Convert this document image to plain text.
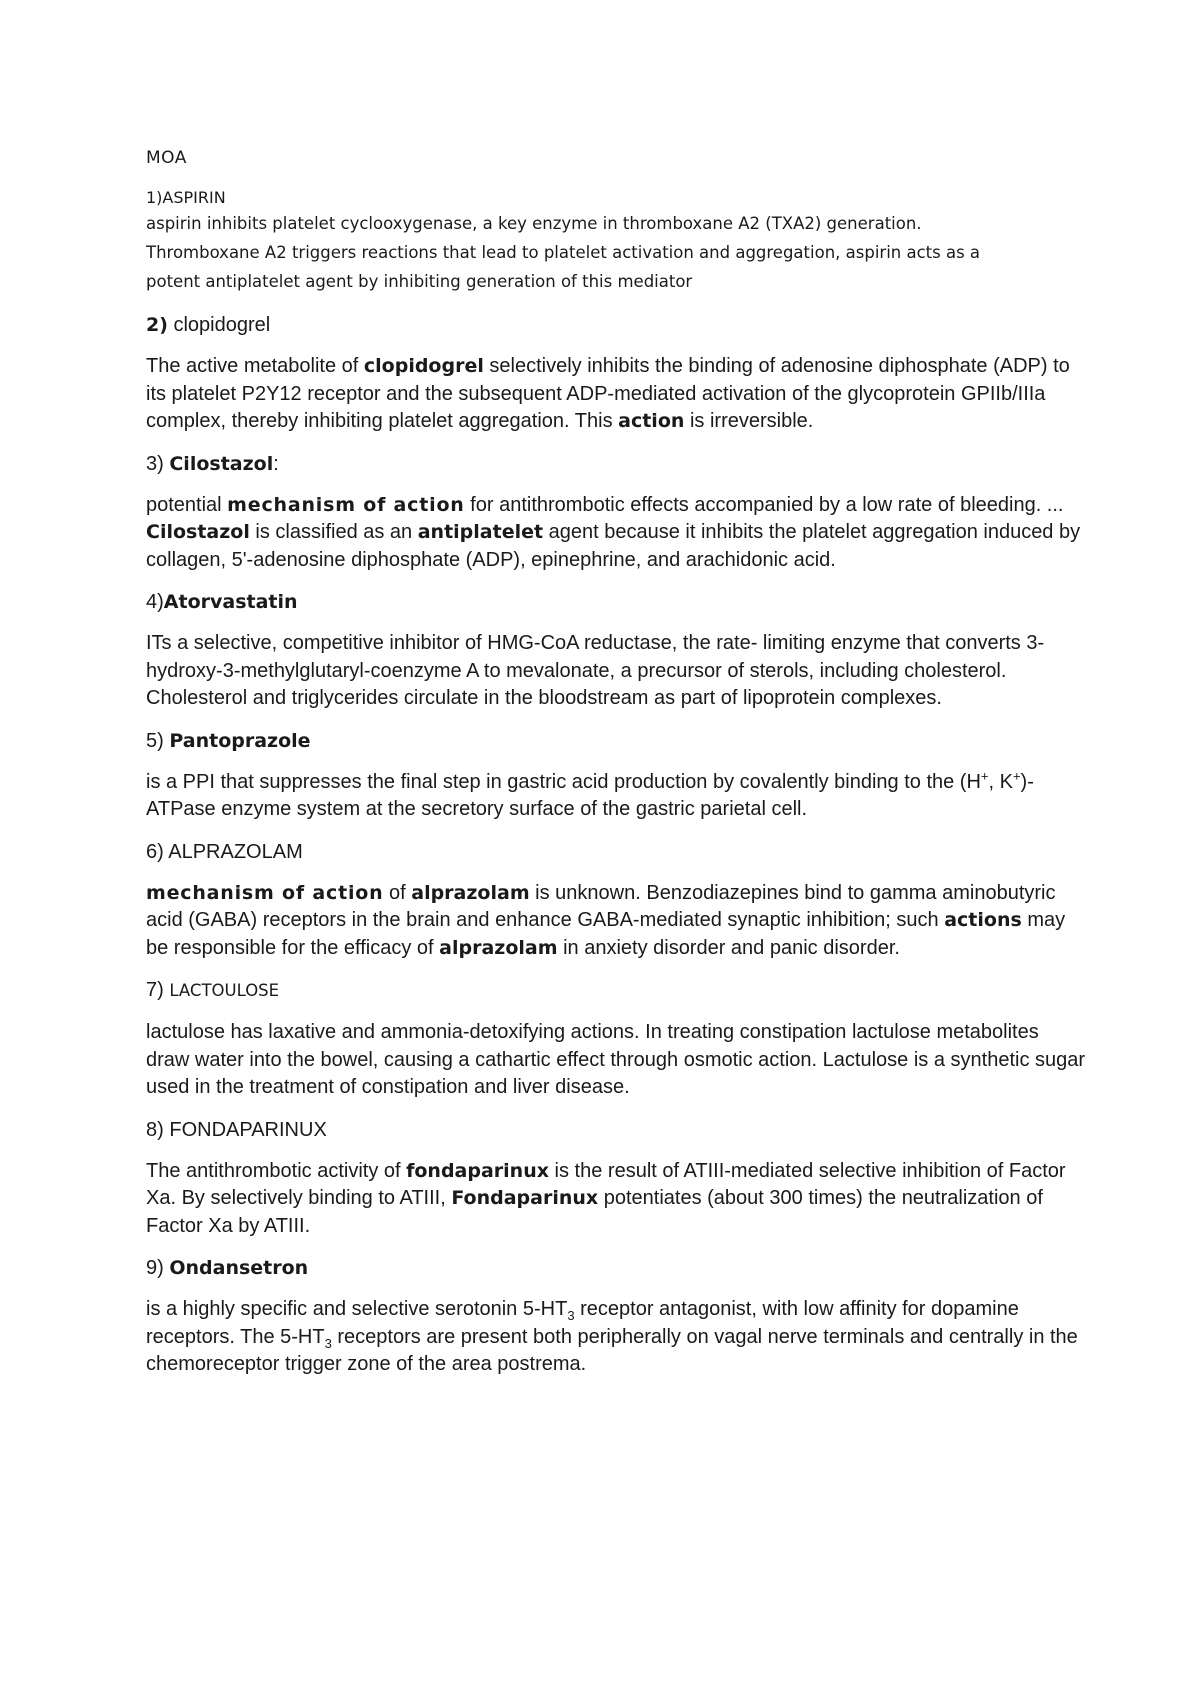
MOA
1)ASPIRIN
aspirin inhibits platelet cyclooxygenase, a key enzyme in thromboxane A2 (TXA2) generation.
Thromboxane A2 triggers reactions that lead to platelet activation and aggregation, aspirin acts as a
potent antiplatelet agent by inhibiting generation of this mediator
2) clopidogrel

The active metabolite of clopidogrel selectively inhibits the binding of adenosine diphosphate (ADP) to its platelet P2Y12 receptor and the subsequent ADP-mediated activation of the glycoprotein GPIIb/IIIa complex, thereby inhibiting platelet aggregation. This action is irreversible.

3) Cilostazol:

potential mechanism of action for antithrombotic effects accompanied by a low rate of bleeding. ... Cilostazol is classified as an antiplatelet agent because it inhibits the platelet aggregation induced by collagen, 5'-adenosine diphosphate (ADP), epinephrine, and arachidonic acid.

4)Atorvastatin

ITs a selective, competitive inhibitor of HMG-CoA reductase, the rate- limiting enzyme that converts 3-hydroxy-3-methylglutaryl-coenzyme A to mevalonate, a precursor of sterols, including cholesterol. Cholesterol and triglycerides circulate in the bloodstream as part of lipoprotein complexes.

5) Pantoprazole

is a PPI that suppresses the final step in gastric acid production by covalently binding to the (H+, K+)-ATPase enzyme system at the secretory surface of the gastric parietal cell.

6) ALPRAZOLAM

mechanism of action of alprazolam is unknown. Benzodiazepines bind to gamma aminobutyric acid (GABA) receptors in the brain and enhance GABA-mediated synaptic inhibition; such actions may be responsible for the efficacy of alprazolam in anxiety disorder and panic disorder.

7) LACTOULOSE

lactulose has laxative and ammonia-detoxifying actions. In treating constipation lactulose metabolites draw water into the bowel, causing a cathartic effect through osmotic action. Lactulose is a synthetic sugar used in the treatment of constipation and liver disease.

8) FONDAPARINUX

The antithrombotic activity of fondaparinux is the result of ATIII-mediated selective inhibition of Factor Xa. By selectively binding to ATIII, Fondaparinux potentiates (about 300 times) the neutralization of Factor Xa by ATIII.

9) Ondansetron

is a highly specific and selective serotonin $5-HT_3$ receptor antagonist, with low affinity for dopamine receptors. The $5-HT_3$ receptors are present both peripherally on vagal nerve terminals and centrally in the chemoreceptor trigger zone of the area postrema.
